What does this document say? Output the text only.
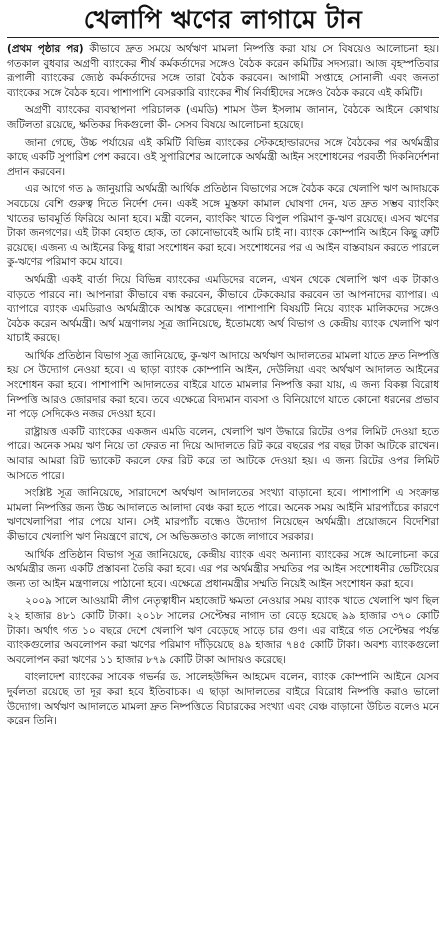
খেলাপি ঋণের লাগামে টান

(প্রথম পৃষ্ঠার পর) কীভাবে দ্রুত সময়ে অর্থঋণ মামলা নিষ্পত্তি করা যায় সে বিষয়েও আলোচনা হয়। গতকাল বুধবার অগ্রণী ব্যাংকের শীর্ষ কর্মকর্তাদের সঙ্গেও বৈঠক করেন কমিটির সদস্যরা। আজ বৃহস্পতিবার রূপালী ব্যাংকের জ্যেষ্ঠ কর্মকর্তাদের সঙ্গে তারা বৈঠক করবেন। আগামী সপ্তাহে সোনালী এবং জনতা ব্যাংকের সঙ্গে বৈঠক হবে। পাশাপাশি বেসরকারি ব্যাংকের শীর্ষ নির্বাহীদের সঙ্গেও বৈঠক করবে এই কমিটি।

অগ্রণী ব্যাংকের ব্যবস্থাপনা পরিচালক (এমডি) শামস উল ইসলাম জানান, বৈঠকে আইনে কোথায় জটিলতা রয়েছে, ক্ষতিকর দিকগুলো কী- সেসব বিষয়ে আলোচনা হয়েছে।

জানা গেছে, উচ্চ পর্যায়ের এই কমিটি বিভিন্ন ব্যাংকের স্টেকহোল্ডারদের সঙ্গে বৈঠকের পর অর্থমন্ত্রীর কাছে একটি সুপারিশ পেশ করবে। ওই সুপারিশের আলোকে অর্থমন্ত্রী আইন সংশোধনের পরবর্তী দিকনির্দেশনা প্রদান করবেন।

এর আগে গত ৯ জানুয়ারি অর্থমন্ত্রী আর্থিক প্রতিষ্ঠান বিভাগের সঙ্গে বৈঠক করে খেলাপি ঋণ আদায়কে সবচেয়ে বেশি গুরুত্ব দিতে নির্দেশ দেন। একই সঙ্গে মুস্তফা কামাল ঘোষণা দেন, যত দ্রুত সম্ভব ব্যাংকিং খাতের ভাবমূর্তি ফিরিয়ে আনা হবে। মন্ত্রী বলেন, ব্যাংকিং খাতে বিপুল পরিমাণ কু-ঋণ রয়েছে। এসব ঋণের টাকা জনগণের। এই টাকা বেহাত হোক, তা কোনোভাবেই আমি চাই না। ব্যাংক কোম্পানি আইনে কিছু ত্রুটি রয়েছে। এজন্য এ আইনের কিছু ধারা সংশোধন করা হবে। সংশোধনের পর এ আইন বাস্তবায়ন করতে পারলে কু-ঋণের পরিমাণ কমে যাবে।

অর্থমন্ত্রী একই বার্তা দিয়ে বিভিন্ন ব্যাংকের এমডিদের বলেন, এখন থেকে খেলাপি ঋণ এক টাকাও বাড়তে পারবে না। আপনারা কীভাবে বন্ধ করবেন, কীভাবে টেককেয়ার করবেন তা আপনাদের ব্যাপার। এ ব্যাপারে ব্যাংক এমডিরাও অর্থমন্ত্রীকে আশ্বস্ত করেছেন। পাশাপাশি বিষয়টি নিয়ে ব্যাংক মালিকদের সঙ্গেও বৈঠক করেন অর্থমন্ত্রী। অর্থ মন্ত্রণালয় সূত্র জানিয়েছে, ইতোমধ্যে অর্থ বিভাগ ও কেন্দ্রীয় ব্যাংক খেলাপি ঋণ যাচাই করছে।

আর্থিক প্রতিষ্ঠান বিভাগ সূত্র জানিয়েছে, কু-ঋণ আদায়ে অর্থঋণ আদালতের মামলা যাতে দ্রুত নিষ্পত্তি হয় সে উদ্যোগ নেওয়া হবে। এ ছাড়া ব্যাংক কোম্পানি আইন, দেউলিয়া এবং অর্থঋণ আদালত আইনের সংশোধন করা হবে। পাশাপাশি আদালতের বাইরে যাতে মামলার নিষ্পত্তি করা যায়, এ জন্য বিকল্প বিরোধ নিষ্পত্তি আরও জোরদার করা হবে। তবে এক্ষেত্রে বিদ্যমান ব্যবসা ও বিনিয়োগে যাতে কোনো ধরনের প্রভাব না পড়ে সেদিকেও নজর দেওয়া হবে।

রাষ্ট্রায়ত্ত একটি ব্যাংকের একজন এমডি বলেন, খেলাপি ঋণ উদ্ধারে রিটের ওপর লিমিট দেওয়া হতে পারে। অনেক সময় ঋণ নিয়ে তা ফেরত না দিয়ে আদালতে রিট করে বছরের পর বছর টাকা আটকে রাখেন। আবার আমরা রিট ভ্যাকেট করলে ফের রিট করে তা আটকে দেওয়া হয়। এ জন্য রিটের ওপর লিমিট আসতে পারে।

সংশ্লিষ্ট সূত্র জানিয়েছে, সারাদেশে অর্থঋণ আদালতের সংখ্যা বাড়ানো হবে। পাশাপাশি এ সংক্রান্ত মামলা নিষ্পত্তির জন্য উচ্চ আদালতে আলাদা বেঞ্চ করা হতে পারে। অনেক সময় আইনি মারপ্যাঁচের কারণে ঋণখেলাপিরা পার পেয়ে যান। সেই মারপ্যাঁচ বন্ধেও উদ্যোগ নিয়েছেন অর্থমন্ত্রী। প্রয়োজনে বিদেশিরা কীভাবে খেলাপি ঋণ নিয়ন্ত্রণে রাখে, সে অভিজ্ঞতাও কাজে লাগাবে সরকার।

আর্থিক প্রতিষ্ঠান বিভাগ সূত্র জানিয়েছে, কেন্দ্রীয় ব্যাংক এবং অন্যান্য ব্যাংকের সঙ্গে আলোচনা করে অর্থমন্ত্রীর জন্য একটি প্রস্তাবনা তৈরি করা হবে। এর পর অর্থমন্ত্রীর সম্মতির পর আইন সংশোধনীর ভেটিংয়ের জন্য তা আইন মন্ত্রণালয়ে পাঠানো হবে। এক্ষেত্রে প্রধানমন্ত্রীর সম্মতি নিয়েই আইন সংশোধন করা হবে।

২০০৯ সালে আওয়ামী লীগ নেতৃত্বাধীন মহাজোট ক্ষমতা নেওয়ার সময় ব্যাংক খাতে খেলাপি ঋণ ছিল ২২ হাজার ৪৮১ কোটি টাকা। ২০১৮ সালের সেপ্টেম্বর নাগাদ তা বেড়ে হয়েছে ৯৯ হাজার ৩৭০ কোটি টাকা। অর্থাৎ গত ১০ বছরে দেশে খেলাপি ঋণ বেড়েছে সাড়ে চার গুণ। এর বাইরে গত সেপ্টেম্বর পর্যন্ত ব্যাংকগুলোর অবলোপন করা ঋণের পরিমাণ দাঁড়িয়েছে ৪৯ হাজার ৭৪৫ কোটি টাকা। অবশ্য ব্যাংকগুলো অবলোপন করা ঋণের ১১ হাজার ৮৭৯ কোটি টাকা আদায়ও করেছে।

বাংলাদেশ ব্যাংকের সাবেক গভর্নর ড. সালেহউদ্দিন আহমেদ বলেন, ব্যাংক কোম্পানি আইনে যেসব দুর্বলতা রয়েছে তা দূর করা হবে ইতিবাচক। এ ছাড়া আদালতের বাইরে বিরোধ নিষ্পত্তি করাও ভালো উদ্যোগ। অর্থঋণ আদালতে মামলা দ্রুত নিষ্পত্তিতে বিচারকের সংখ্যা এবং বেঞ্চ বাড়ানো উচিত বলেও মনে করেন তিনি।
